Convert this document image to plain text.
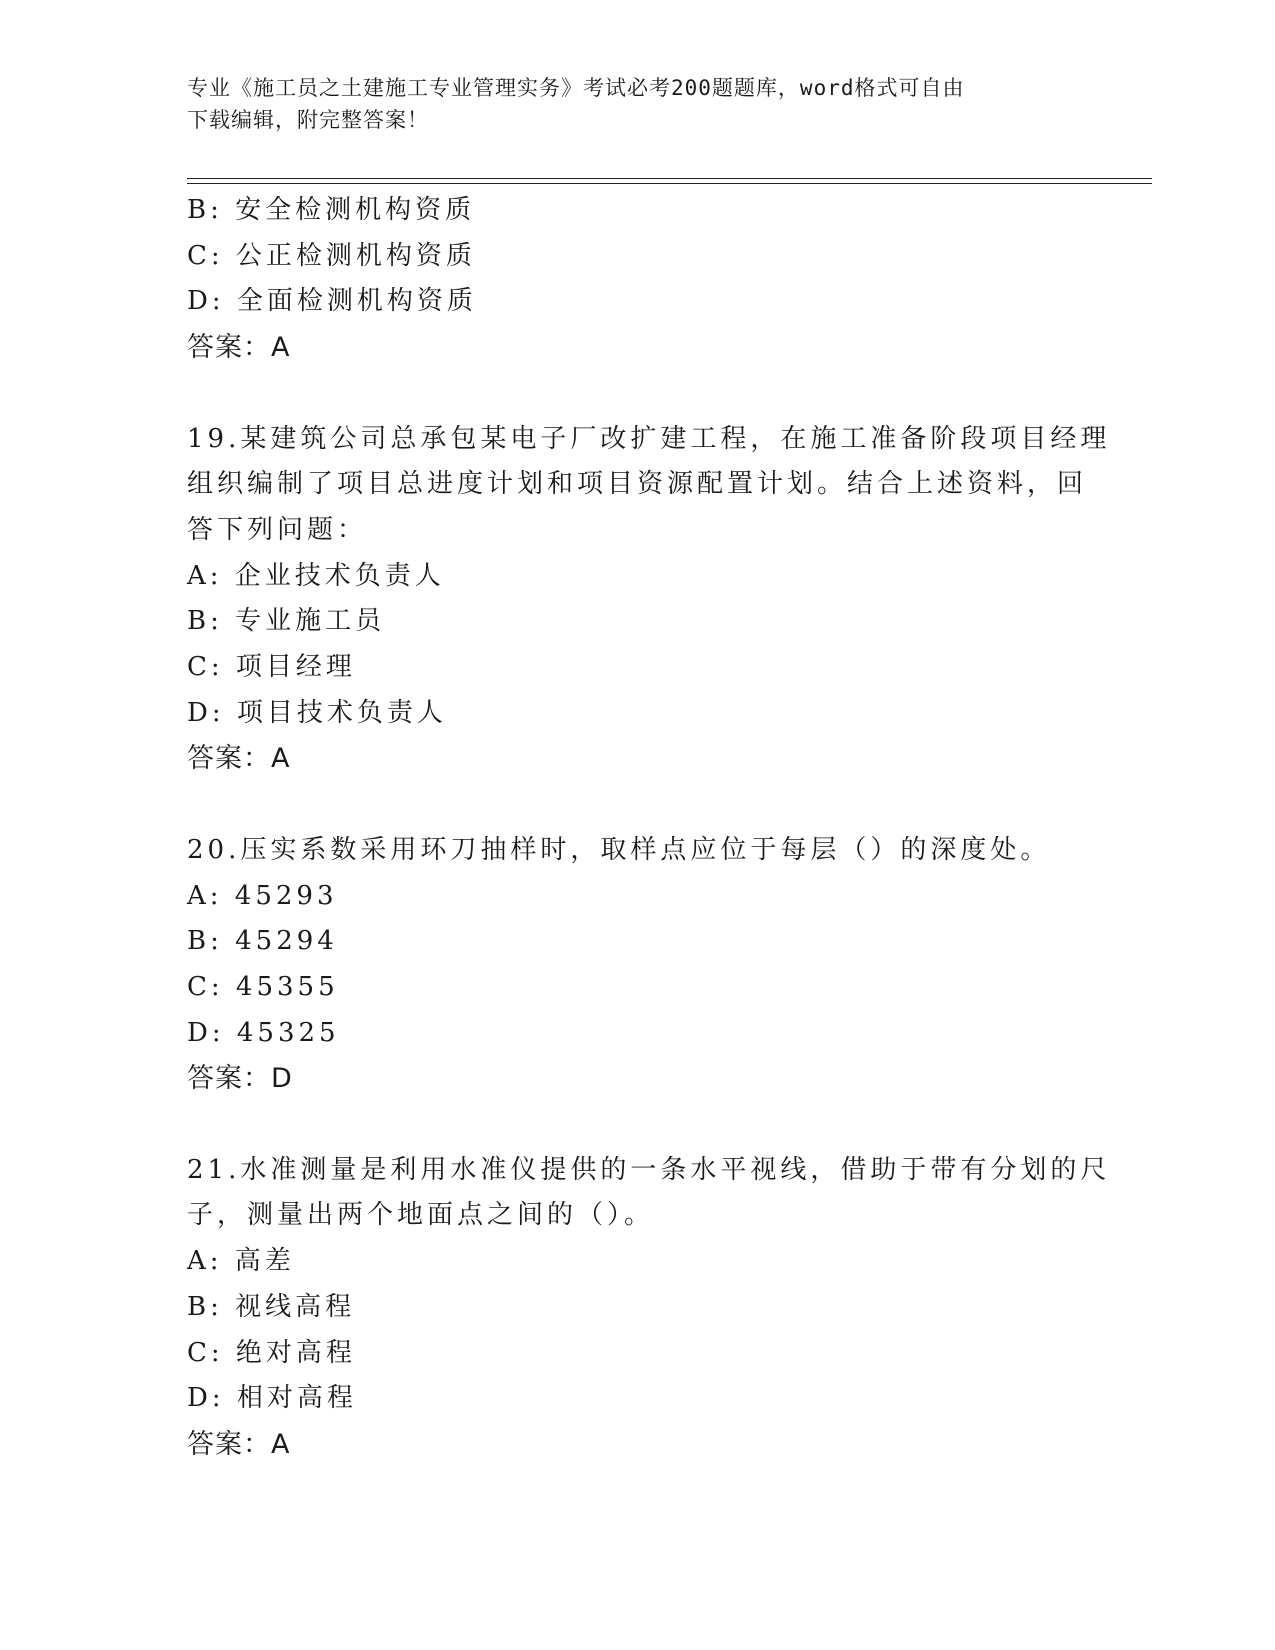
专业《施工员之土建施工专业管理实务》考试必考200题题库，word格式可自由
下载编辑，附完整答案！
B: 安全检测机构资质
C: 公正检测机构资质
D: 全面检测机构资质
答案：A
19.某建筑公司总承包某电子厂改扩建工程，在施工准备阶段项目经理
组织编制了项目总进度计划和项目资源配置计划。结合上述资料，回
答下列问题：
A: 企业技术负责人
B: 专业施工员
C: 项目经理
D: 项目技术负责人
答案：A
20.压实系数采用环刀抽样时，取样点应位于每层（）的深度处。
A: 45293
B: 45294
C: 45355
D: 45325
答案：D
21.水准测量是利用水准仪提供的一条水平视线，借助于带有分划的尺
子，测量出两个地面点之间的（）。
A: 高差
B: 视线高程
C: 绝对高程
D: 相对高程
答案：A
